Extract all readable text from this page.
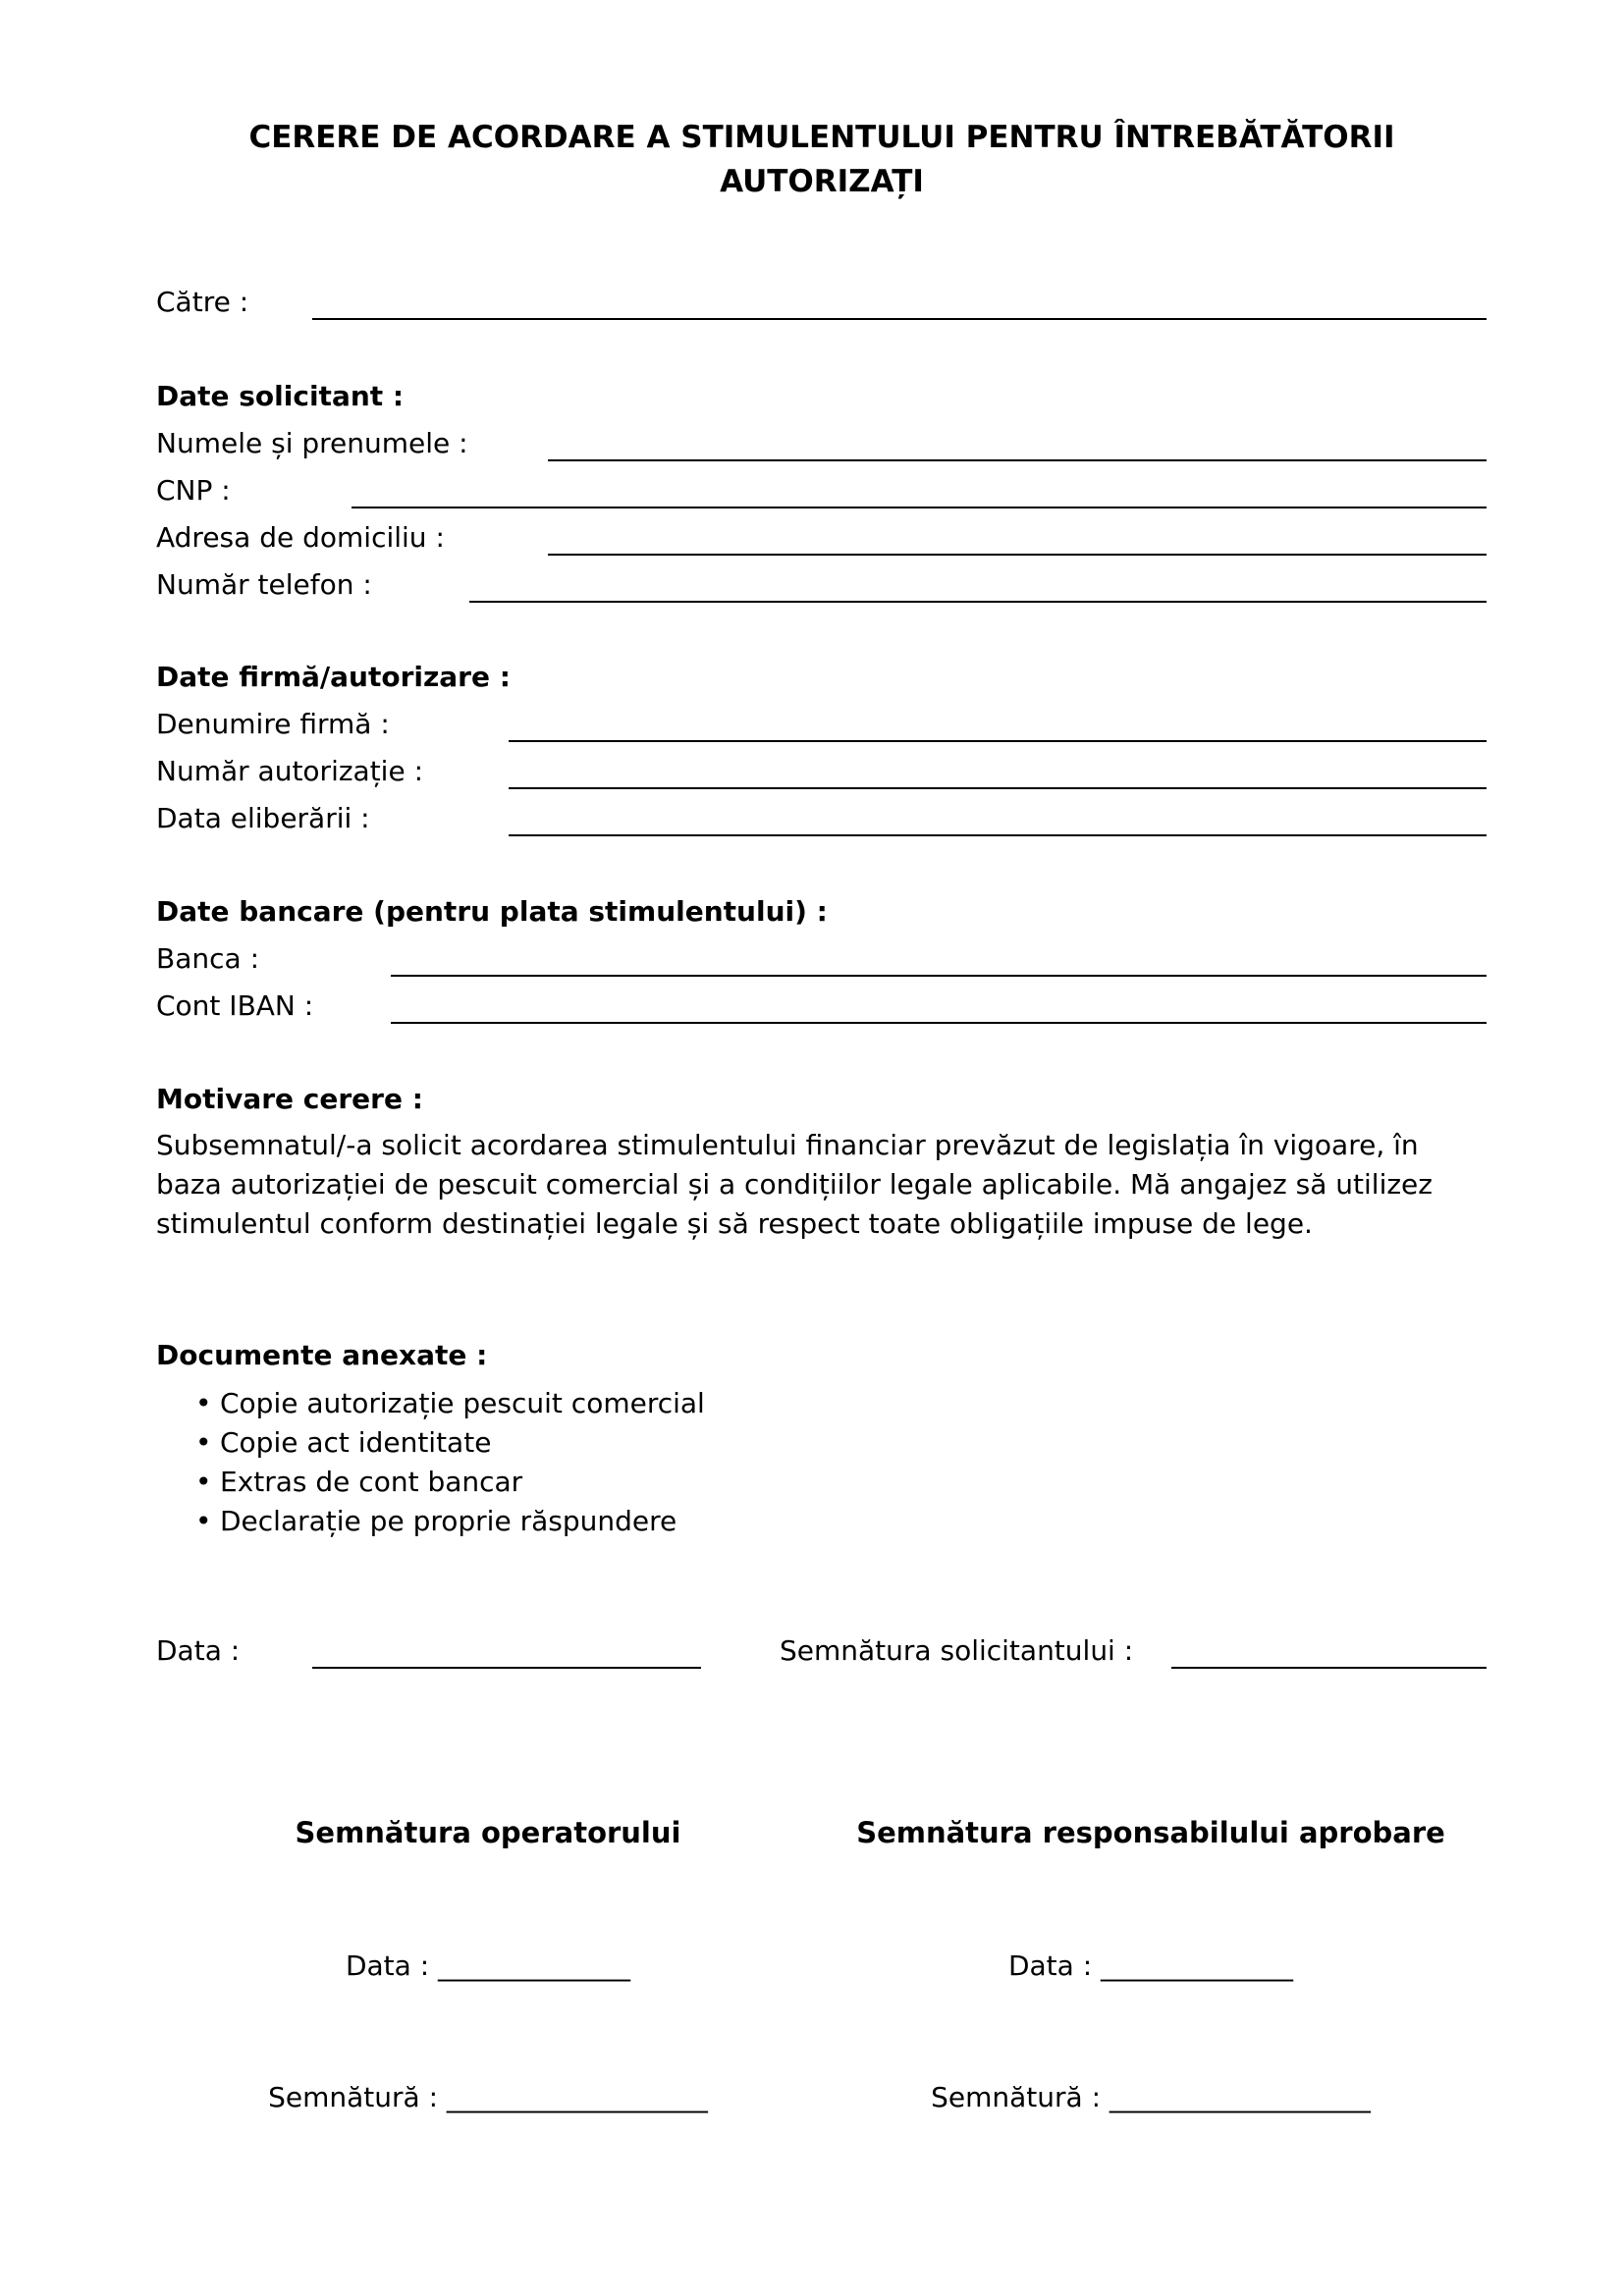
CERERE DE ACORDARE A STIMULENTULUI PENTRU ÎNTREBĂTĂTORII AUTORIZAȚI
Către :
Date solicitant :
Numele și prenumele :
CNP :
Adresa de domiciliu :
Număr telefon :
Date firmă/autorizare :
Denumire firmă :
Număr autorizație :
Data eliberării :
Date bancare (pentru plata stimulentului) :
Banca :
Cont IBAN :
Motivare cerere :
Subsemnatul/-a solicit acordarea stimulentului financiar prevăzut de legislația în vigoare, în baza autorizației de pescuit comercial și a condițiilor legale aplicabile. Mă angajez să utilizez stimulentul conform destinației legale și să respect toate obligațiile impuse de lege.
Documente anexate :
• Copie autorizație pescuit comercial
• Copie act identitate
• Extras de cont bancar
• Declarație pe proprie răspundere
Data :	Semnătura solicitantului :
Semnătura operatorului
Data : ______________
Semnătură : ___________________
Semnătura responsabilului aprobare
Data : ______________
Semnătură : ___________________
